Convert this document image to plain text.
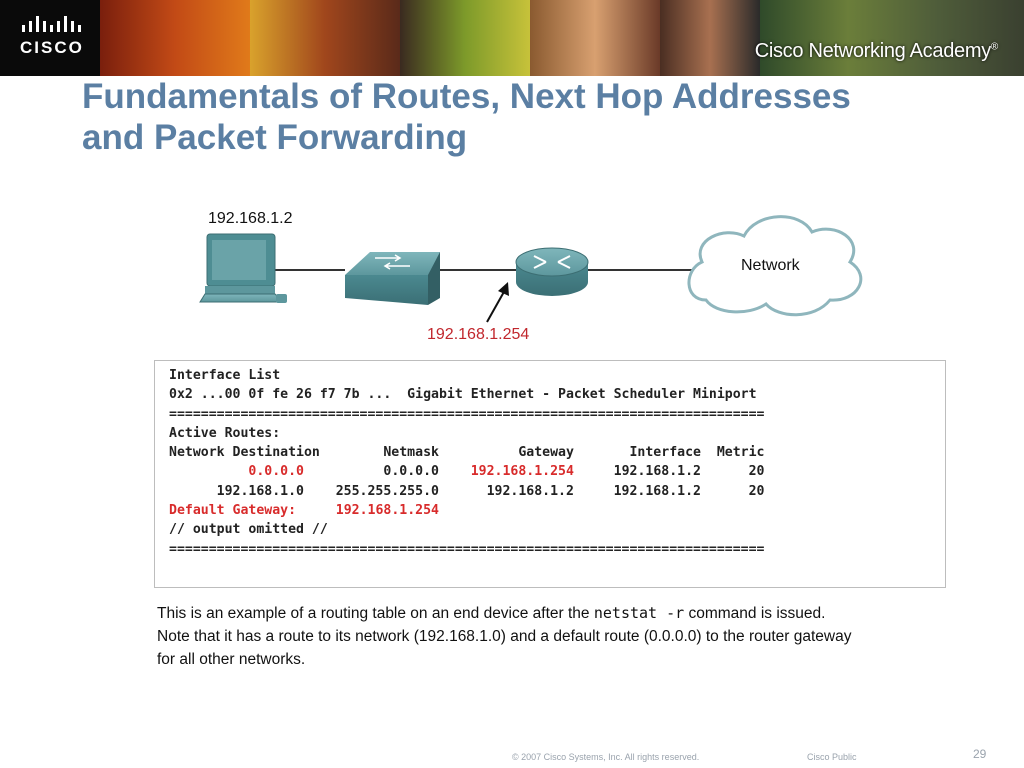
CISCO	Cisco Networking Academy®
Fundamentals of Routes, Next Hop Addresses
and Packet Forwarding
192.168.1.2
192.168.1.254
Network
Interface List
0x2 ...00 0f fe 26 f7 7b ...  Gigabit Ethernet - Packet Scheduler Miniport
===========================================================================
Active Routes:
Network Destination        Netmask          Gateway       Interface  Metric
0.0.0.0          0.0.0.0    192.168.1.254     192.168.1.2      20
192.168.1.0    255.255.255.0      192.168.1.2     192.168.1.2      20
Default Gateway:	192.168.1.254
// output omitted //
===========================================================================
This is an example of a routing table on an end device after the netstat -r command is issued.
Note that it has a route to its network (192.168.1.0) and a default route (0.0.0.0) to the router gateway
for all other networks.
© 2007 Cisco Systems, Inc. All rights reserved.	Cisco Public	29
